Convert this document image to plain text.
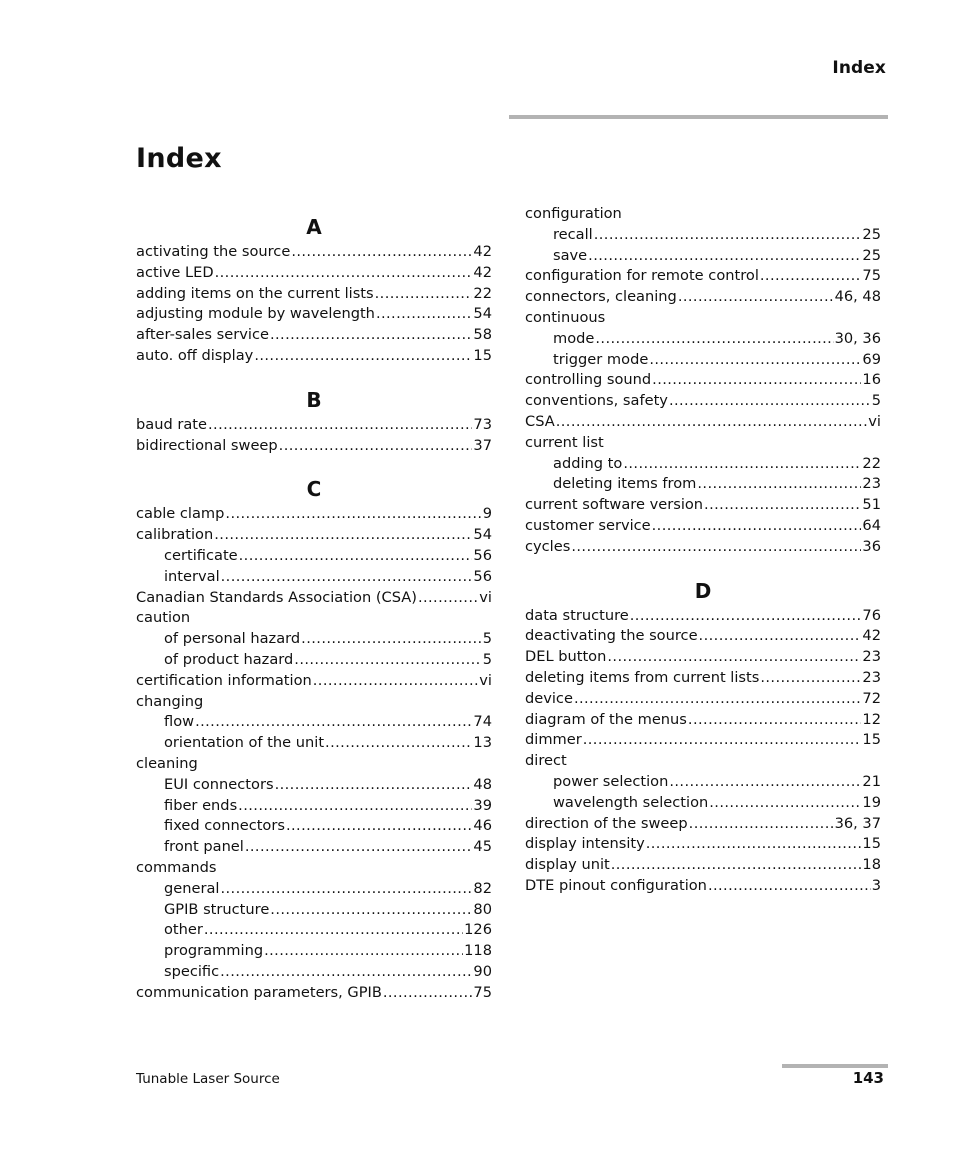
Index
Index
A
activating the source .....	42
active LED .....	42
adding items on the current lists .....	22
adjusting module by wavelength .....	54
after-sales service .....	58
auto. off display .....	15
B
baud rate .....	73
bidirectional sweep .....	37
C
cable clamp .....	9
calibration .....	54
certificate .....	56
interval .....	56
Canadian Standards Association (CSA) .....	vi
caution
of personal hazard .....	5
of product hazard .....	5
certification information .....	vi
changing
flow .....	74
orientation of the unit .....	13
cleaning
EUI connectors .....	48
fiber ends .....	39
fixed connectors .....	46
front panel .....	45
commands
general .....	82
GPIB structure .....	80
other .....	126
programming .....	118
specific .....	90
communication parameters, GPIB .....	75
configuration
recall .....	25
save .....	25
configuration for remote control .....	75
connectors, cleaning .....	46, 48
continuous
mode .....	30, 36
trigger mode .....	69
controlling sound .....	16
conventions, safety .....	5
CSA .....	vi
current list
adding to .....	22
deleting items from .....	23
current software version .....	51
customer service .....	64
cycles .....	36
D
data structure .....	76
deactivating the source .....	42
DEL button .....	23
deleting items from current lists .....	23
device .....	72
diagram of the menus .....	12
dimmer .....	15
direct
power selection .....	21
wavelength selection .....	19
direction of the sweep .....	36, 37
display intensity .....	15
display unit .....	18
DTE pinout configuration .....	3
Tunable Laser Source	143
